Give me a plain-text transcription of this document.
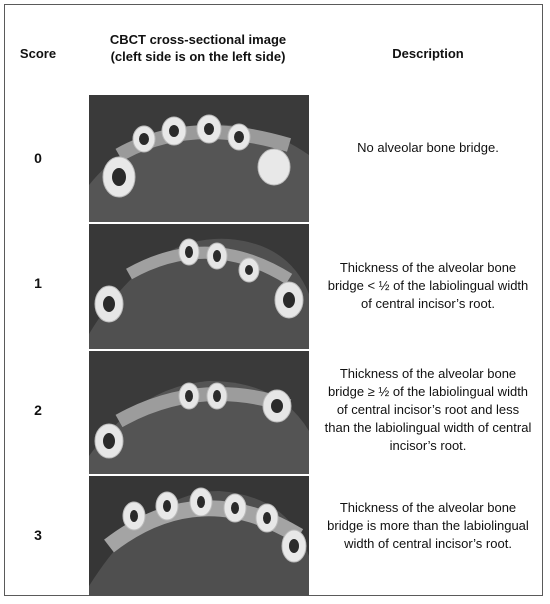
Score
CBCT cross-sectional image
(cleft side is on the left side)	Description
0
No alveolar bone bridge.
1
Thickness of the alveolar bone bridge < ½ of the labiolingual width of central incisor’s root.
2
Thickness of the alveolar bone bridge ≥ ½ of the labiolingual width of central incisor’s root and less than the labiolingual width of central incisor’s root.
3
Thickness of the alveolar bone bridge is more than the labiolingual width of central incisor’s root.
